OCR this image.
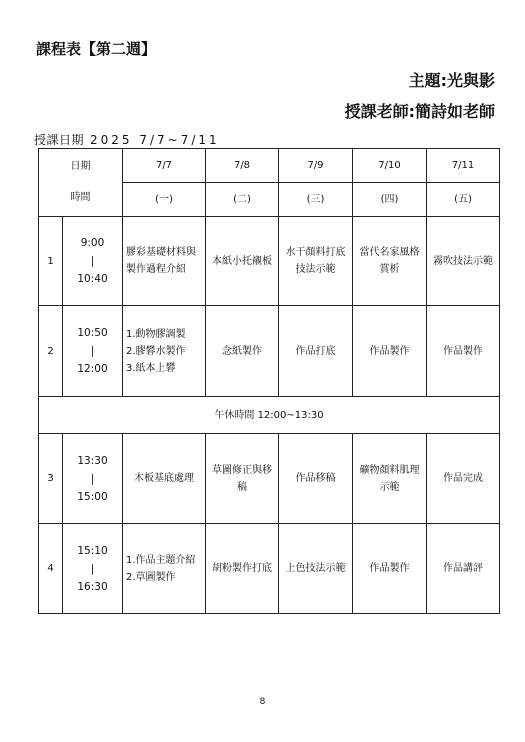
課程表【第二週】
主題:光與影
授課老師:簡詩如老師
授課日期 2025 7/7~7/11
日期
時間		7/7	7/8	7/9	7/10	7/11
		(一)	(二)	(三)	(四)	(五)
1	9:00
|
10:40	膠彩基礎材料與製作過程介紹	本紙小托襯板	水干顏料打底技法示範	當代名家風格賞析	霧吹技法示範
2	10:50
|
12:00	1.動物膠調製
2.膠礬水製作
3.紙本上礬	念紙製作	作品打底	作品製作	作品製作
午休時間 12:00~13:30						
3	13:30
|
15:00	木板基底處理	草圖修正與移稿	作品移稿	礦物顏料肌理示範	作品完成
4	15:10
|
16:30	1.作品主題介紹
2.草圖製作	胡粉製作打底	上色技法示範	作品製作	作品講評
8
